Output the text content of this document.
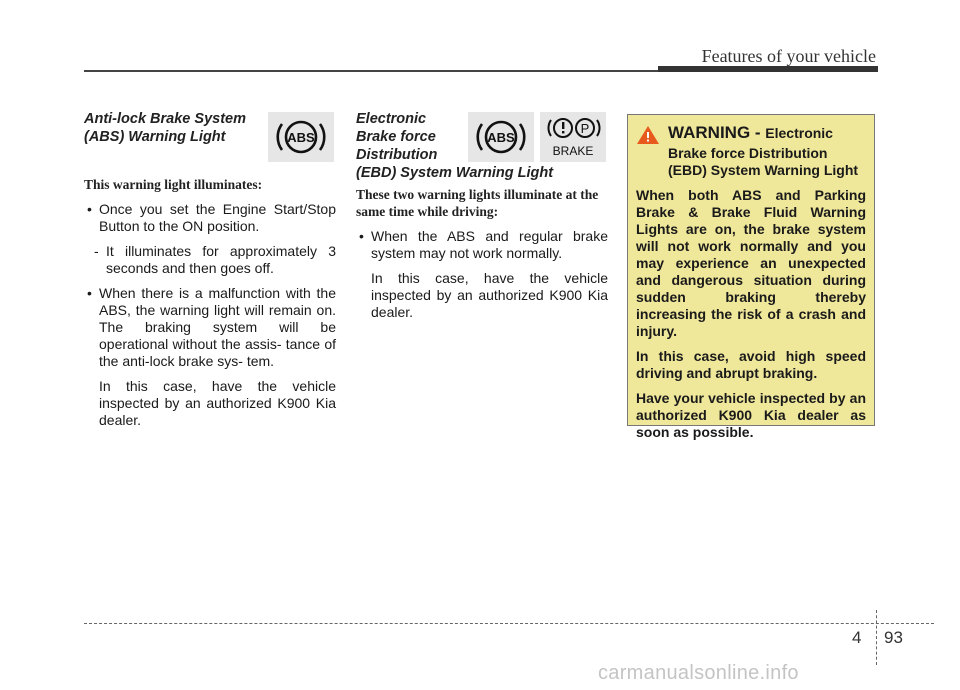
Features of your vehicle
Anti-lock Brake System
(ABS) Warning Light
This warning light illuminates:
• Once you set the Engine Start/Stop Button to the ON position.
- It illuminates for approximately 3 seconds and then goes off.
• When there is a malfunction with the ABS, the warning light will remain on. The braking system will be operational without the assis- tance of the anti-lock brake sys- tem.
In this case, have the vehicle inspected by an authorized K900 Kia dealer.
ABS
Electronic
Brake force
Distribution
(EBD) System Warning Light
These two warning lights illuminate at the same time while driving:
• When the ABS and regular brake system may not work normally.
In this case, have the vehicle inspected by an authorized K900 Kia dealer.
ABS
P
BRAKE
WARNING - Electronic
Brake force Distribution
(EBD) System Warning Light
When both ABS and Parking Brake & Brake Fluid Warning Lights are on, the brake system will not work normally and you may experience an unexpected and dangerous situation during sudden braking thereby increasing the risk of a crash and injury.
In this case, avoid high speed driving and abrupt braking.
Have your vehicle inspected by an authorized K900 Kia dealer as soon as possible.
4 93
carmanualsonline.info
